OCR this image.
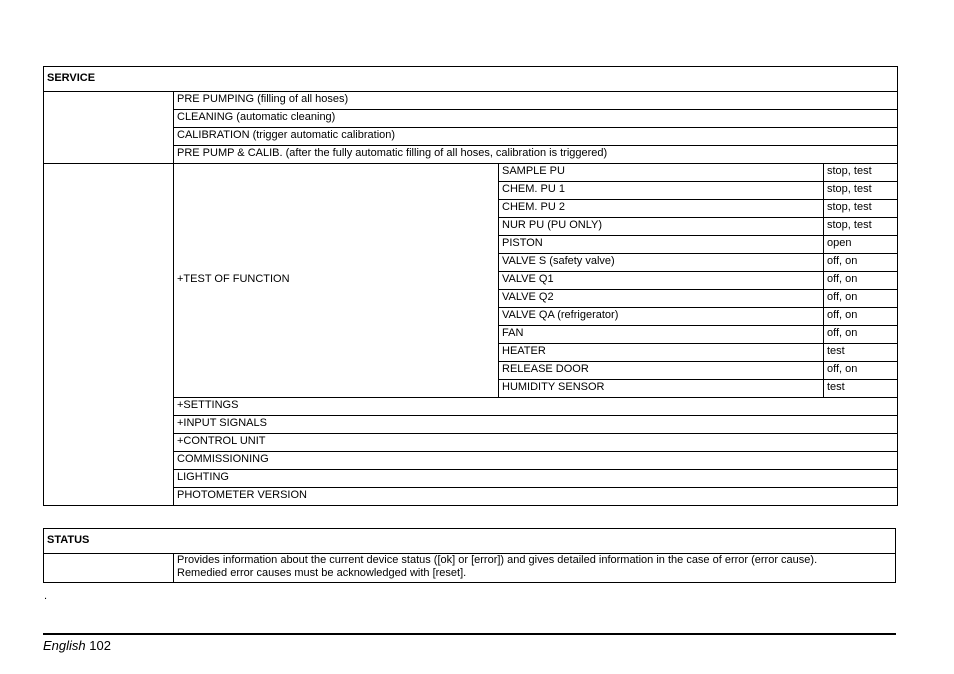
SERVICE			
	PRE PUMPING (filling of all hoses)		
	CLEANING (automatic cleaning)		
	CALIBRATION (trigger automatic calibration)		
	PRE PUMP & CALIB. (after the fully automatic filling of all hoses, calibration is triggered)		
	+TEST OF FUNCTION	SAMPLE PU	stop, test
		CHEM. PU 1	stop, test
		CHEM. PU 2	stop, test
		NUR PU (PU ONLY)	stop, test
		PISTON	open
		VALVE S (safety valve)	off, on
		VALVE Q1	off, on
		VALVE Q2	off, on
		VALVE QA (refrigerator)	off, on
		FAN	off, on
		HEATER	test
		RELEASE DOOR	off, on
		HUMIDITY SENSOR	test
	+SETTINGS		
	+INPUT SIGNALS		
	+CONTROL UNIT		
	COMMISSIONING		
	LIGHTING		
	PHOTOMETER VERSION		
STATUS

Provides information about the current device status ([ok] or [error]) and gives detailed information in the case of error (error cause).
Remedied error causes must be acknowledged with [reset].
.
English 102
